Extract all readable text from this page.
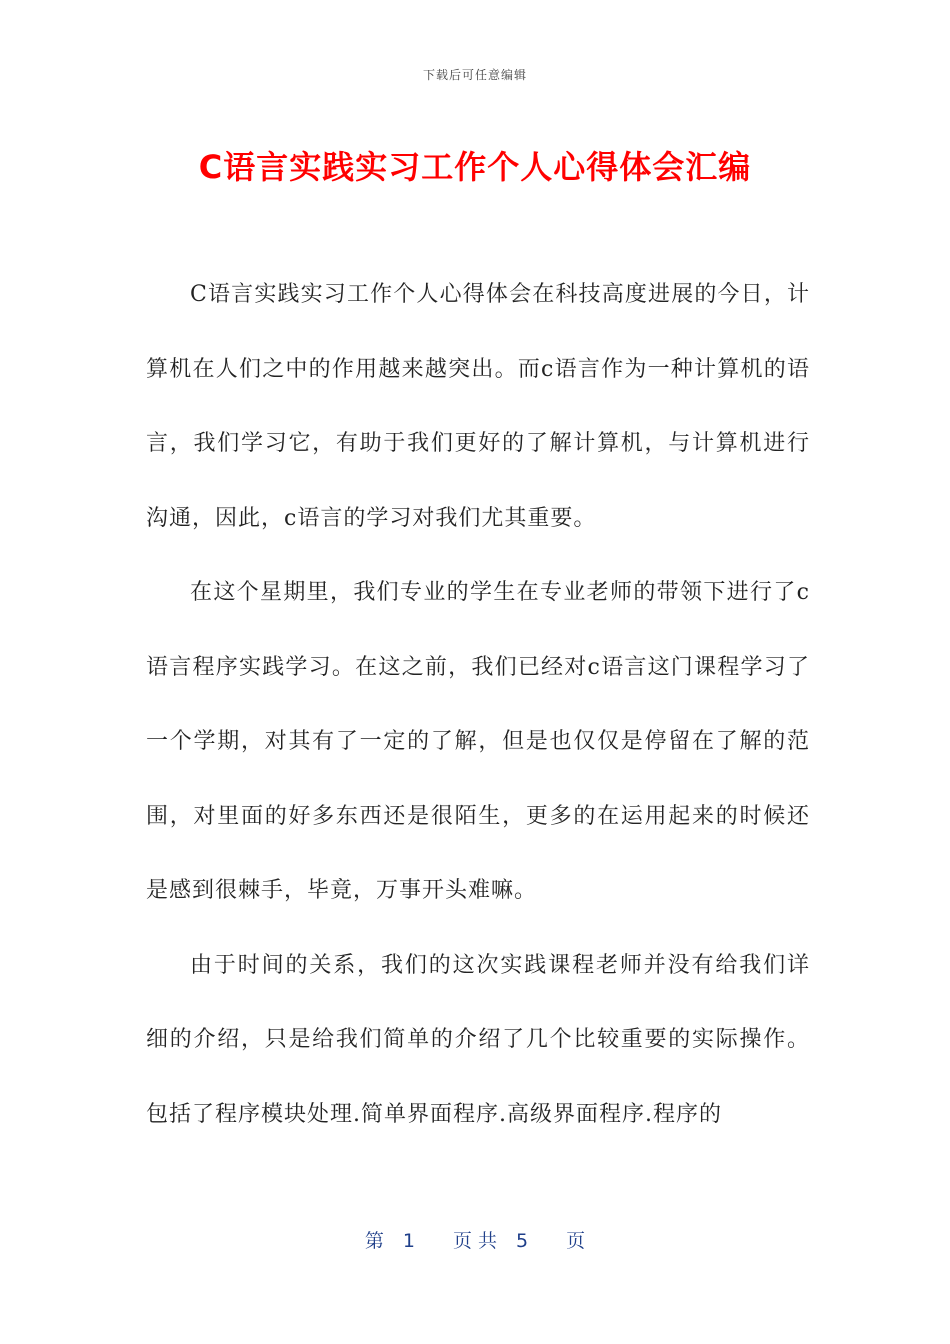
下载后可任意编辑
C语言实践实习工作个人心得体会汇编

C语言实践实习工作个人心得体会在科技高度进展的今日，计算机在人们之中的作用越来越突出。而c语言作为一种计算机的语言，我们学习它，有助于我们更好的了解计算机，与计算机进行沟通，因此，c语言的学习对我们尤其重要。

在这个星期里，我们专业的学生在专业老师的带领下进行了c语言程序实践学习。在这之前，我们已经对c语言这门课程学习了一个学期，对其有了一定的了解，但是也仅仅是停留在了解的范围，对里面的好多东西还是很陌生，更多的在运用起来的时候还是感到很棘手，毕竟，万事开头难嘛。

由于时间的关系，我们的这次实践课程老师并没有给我们详细的介绍，只是给我们简单的介绍了几个比较重要的实际操作。包括了程序模块处理.简单界面程序.高级界面程序.程序的

第　1　　页 共　5　　页
